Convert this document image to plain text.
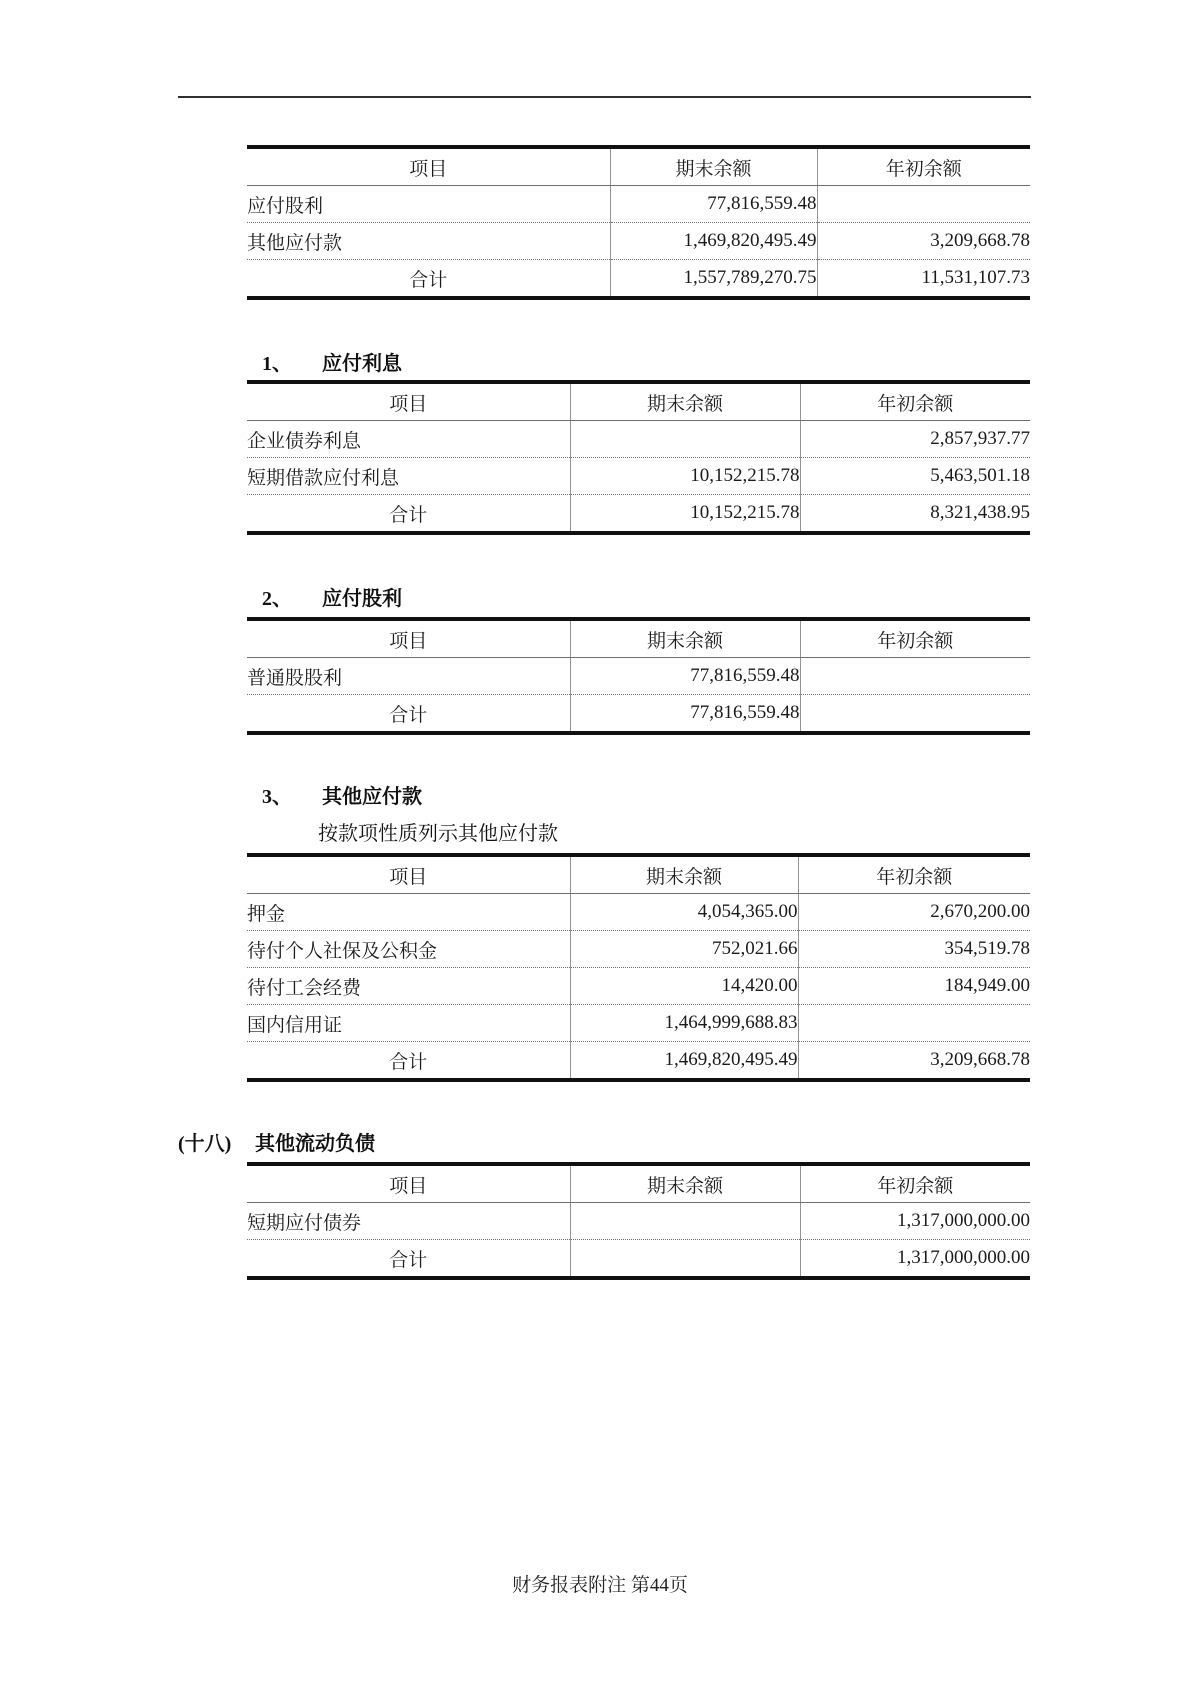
项目	期末余额	年初余额
应付股利	77,816,559.48	
其他应付款	1,469,820,495.49	3,209,668.78
合计	1,557,789,270.75	11,531,107.73
1、 应付利息
项目	期末余额	年初余额
企业债券利息		2,857,937.77
短期借款应付利息	10,152,215.78	5,463,501.18
合计	10,152,215.78	8,321,438.95
2、 应付股利
项目	期末余额	年初余额
普通股股利	77,816,559.48	
合计	77,816,559.48	
3、 其他应付款
按款项性质列示其他应付款
项目	期末余额	年初余额
押金	4,054,365.00	2,670,200.00
待付个人社保及公积金	752,021.66	354,519.78
待付工会经费	14,420.00	184,949.00
国内信用证	1,464,999,688.83	
合计	1,469,820,495.49	3,209,668.78
(十八) 其他流动负债
项目	期末余额	年初余额
短期应付债券		1,317,000,000.00
合计		1,317,000,000.00
财务报表附注 第44页
